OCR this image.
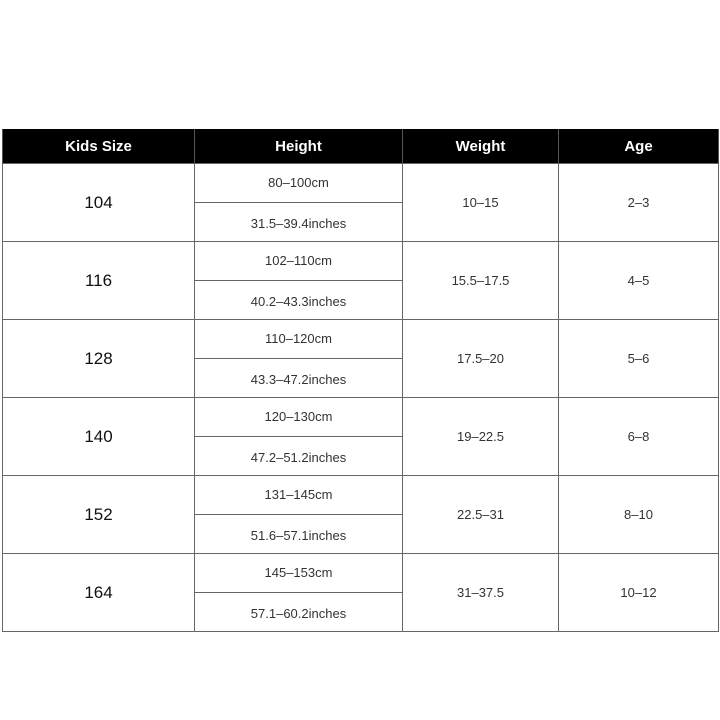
Kids Size	Height	Weight	Age
104	80–100cm	10–15	2–3
	31.5–39.4inches		
116	102–110cm	15.5–17.5	4–5
	40.2–43.3inches		
128	110–120cm	17.5–20	5–6
	43.3–47.2inches		
140	120–130cm	19–22.5	6–8
	47.2–51.2inches		
152	131–145cm	22.5–31	8–10
	51.6–57.1inches		
164	145–153cm	31–37.5	10–12
	57.1–60.2inches		
